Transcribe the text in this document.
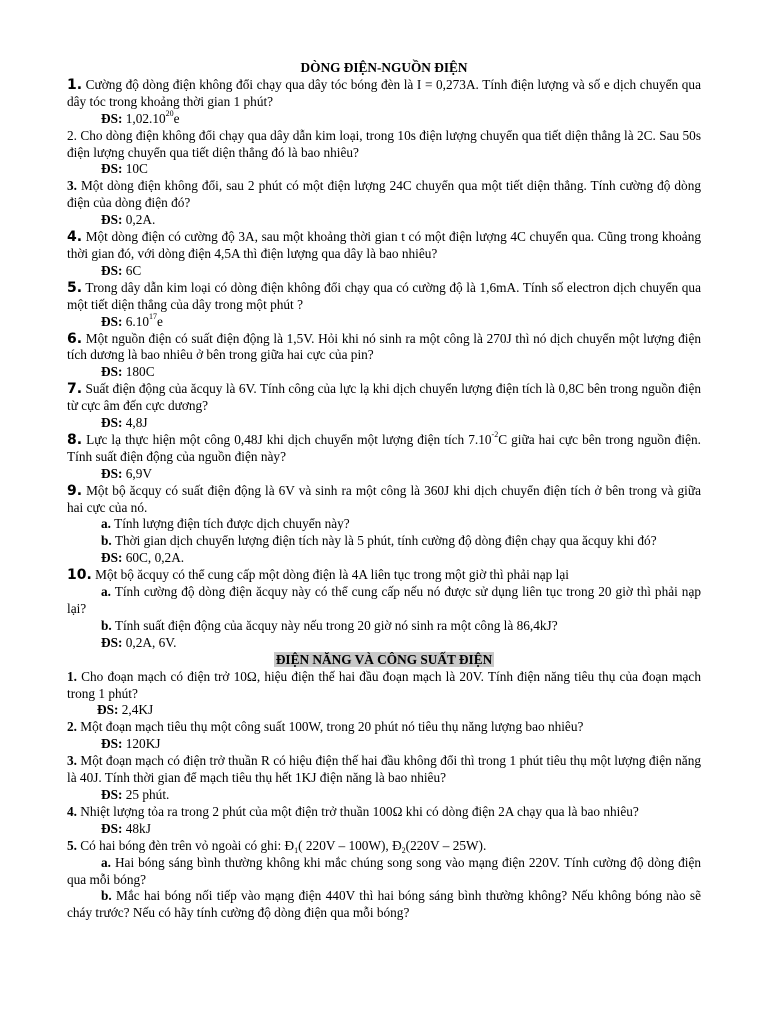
DÒNG ĐIỆN-NGUỒN ĐIỆN

1. Cường độ dòng điện không đổi chạy qua dây tóc bóng đèn là I = 0,273A. Tính điện lượng và số e dịch chuyển qua dây tóc trong khoảng thời gian 1 phút?

ĐS: 1,02.10$^{20}$e

2. Cho dòng điện không đổi chạy qua dây dẫn kim loại, trong 10s điện lượng chuyển qua tiết diện thẳng là 2C. Sau 50s điện lượng chuyển qua tiết diện thẳng đó là bao nhiêu?

ĐS: 10C

3. Một dòng điện không đổi, sau 2 phút có một điện lượng 24C chuyển qua một tiết diện thẳng. Tính cường độ dòng điện của dòng điện đó?

ĐS: 0,2A.

4. Một dòng điện có cường độ 3A, sau một khoảng thời gian t có một điện lượng 4C chuyển qua. Cũng trong khoảng thời gian đó, với dòng điện 4,5A thì điện lượng qua dây là bao nhiêu?

ĐS: 6C

5. Trong dây dẫn kim loại có dòng điện không đổi chạy qua có cường độ là 1,6mA. Tính số electron dịch chuyển qua một tiết diện thẳng của dây trong một phút ?

ĐS: 6.10$^{17}$e

6. Một nguồn điện có suất điện động là 1,5V. Hỏi khi nó sinh ra một công là 270J thì nó dịch chuyển một lượng điện tích dương là bao nhiêu ở bên trong giữa hai cực của pin?

ĐS: 180C

7. Suất điện động của ăcquy là 6V. Tính công của lực lạ khi dịch chuyển lượng điện tích là 0,8C bên trong nguồn điện từ cực âm đến cực dương?

ĐS: 4,8J

8. Lực lạ thực hiện một công 0,48J khi dịch chuyển một lượng điện tích $7.10^{-2}C$ giữa hai cực bên trong nguồn điện. Tính suất điện động của nguồn điện này?

ĐS: 6,9V

9. Một bộ ăcquy có suất điện động là 6V và sinh ra một công là 360J khi dịch chuyển điện tích ở bên trong và giữa hai cực của nó.

a. Tính lượng điện tích được dịch chuyển này?

b. Thời gian dịch chuyển lượng điện tích này là 5 phút, tính cường độ dòng điện chạy qua ăcquy khi đó?

ĐS: 60C, 0,2A.

10. Một bộ ăcquy có thể cung cấp một dòng điện là 4A liên tục trong một giờ thì phải nạp lại

a. Tính cường độ dòng điện ăcquy này có thể cung cấp nếu nó được sử dụng liên tục trong 20 giờ thì phải nạp lại?

b. Tính suất điện động của ăcquy này nếu trong 20 giờ nó sinh ra một công là 86,4kJ?

ĐS: 0,2A, 6V.

ĐIỆN NĂNG VÀ CÔNG SUẤT ĐIỆN

1. Cho đoạn mạch có điện trở 10Ω, hiệu điện thế hai đầu đoạn mạch là 20V. Tính điện năng tiêu thụ của đoạn mạch trong 1 phút?

ĐS: 2,4KJ

2. Một đoạn mạch tiêu thụ một công suất 100W, trong 20 phút nó tiêu thụ năng lượng bao nhiêu?

ĐS: 120KJ

3. Một đoạn mạch có điện trở thuần R có hiệu điện thế hai đầu không đổi thì trong 1 phút tiêu thụ một lượng điện năng là 40J. Tính thời gian để mạch tiêu thụ hết 1KJ điện năng là bao nhiêu?

ĐS: 25 phút.

4. Nhiệt lượng tỏa ra trong 2 phút của một điện trở thuần 100Ω khi có dòng điện 2A chạy qua là bao nhiêu?

ĐS: 48kJ

5. Có hai bóng đèn trên vỏ ngoài có ghi: $Đ_1$( 220V – 100W), $Đ_2(220V - 25W)$.

a. Hai bóng sáng bình thường không khi mắc chúng song song vào mạng điện 220V. Tính cường độ dòng điện qua mỗi bóng?

b. Mắc hai bóng nối tiếp vào mạng điện 440V thì hai bóng sáng bình thường không? Nếu không bóng nào sẽ cháy trước? Nếu có hãy tính cường độ dòng điện qua mỗi bóng?
